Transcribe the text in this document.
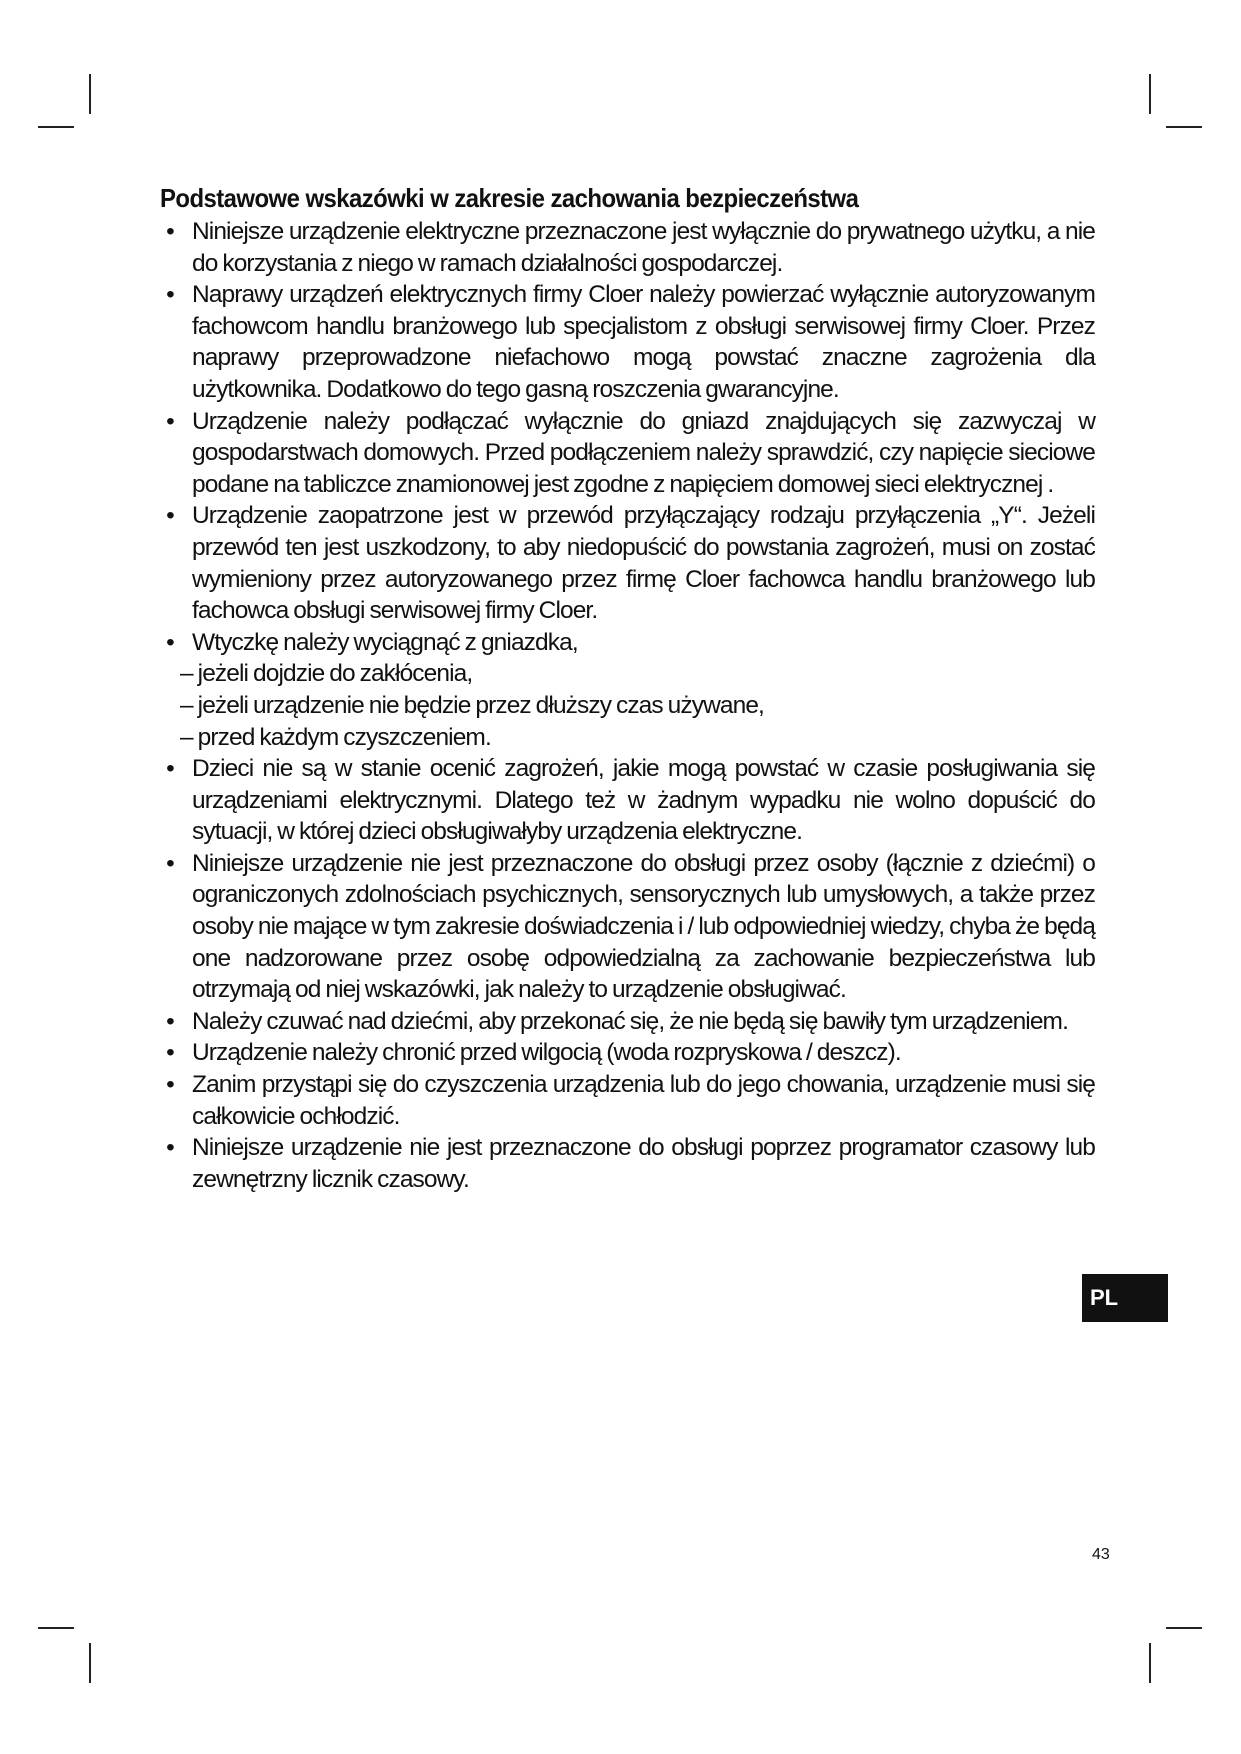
Podstawowe wskazówki w zakresie zachowania bezpieczeństwa
• Niniejsze urządzenie elektryczne przeznaczone jest wyłącznie do prywatnego użytku, a nie do korzystania z niego w ramach działalności gospodarczej.
• Naprawy urządzeń elektrycznych firmy Cloer należy powierzać wyłącznie autoryzowanym fachowcom handlu branżowego lub specjalistom z obsługi serwisowej firmy Cloer. Przez naprawy przeprowadzone niefachowo mogą powstać znaczne zagrożenia dla użytkownika. Dodatkowo do tego gasną roszczenia gwarancyjne.
• Urządzenie należy podłączać wyłącznie do gniazd znajdujących się zazwyczaj w gospodarstwach domowych. Przed podłączeniem należy sprawdzić, czy napięcie sieciowe podane na tabliczce znamionowej jest zgodne z napięciem domowej sieci elektrycznej .
• Urządzenie zaopatrzone jest w przewód przyłączający rodzaju przyłączenia „Y“. Jeżeli przewód ten jest uszkodzony, to aby niedopuścić do powstania zagrożeń, musi on zostać wymieniony przez autoryzowanego przez firmę Cloer fachowca handlu branżowego lub fachowca obsługi serwisowej firmy Cloer.
• Wtyczkę należy wyciągnąć z gniazdka,
– jeżeli dojdzie do zakłócenia,
– jeżeli urządzenie nie będzie przez dłuższy czas używane,
– przed każdym czyszczeniem.
• Dzieci nie są w stanie ocenić zagrożeń, jakie mogą powstać w czasie posługiwania się urządzeniami elektrycznymi. Dlatego też w żadnym wypadku nie wolno dopuścić do sytuacji, w której dzieci obsługiwałyby urządzenia elektryczne.
• Niniejsze urządzenie nie jest przeznaczone do obsługi przez osoby (łącznie z dziećmi) o ograniczonych zdolnościach psychicznych, sensorycznych lub umysłowych, a także przez osoby nie mające w tym zakresie doświadczenia i / lub odpowiedniej wiedzy, chyba że będą one nadzorowane przez osobę odpowiedzialną za zachowanie bezpieczeństwa lub otrzymają od niej wskazówki, jak należy to urządzenie obsługiwać.
• Należy czuwać nad dziećmi, aby przekonać się, że nie będą się bawiły tym urządzeniem.
• Urządzenie należy chronić przed wilgocią (woda rozpryskowa / deszcz).
• Zanim przystąpi się do czyszczenia urządzenia lub do jego chowania, urządzenie musi się całkowicie ochłodzić.
• Niniejsze urządzenie nie jest przeznaczone do obsługi poprzez programator czasowy lub zewnętrzny licznik czasowy.
PL
43
